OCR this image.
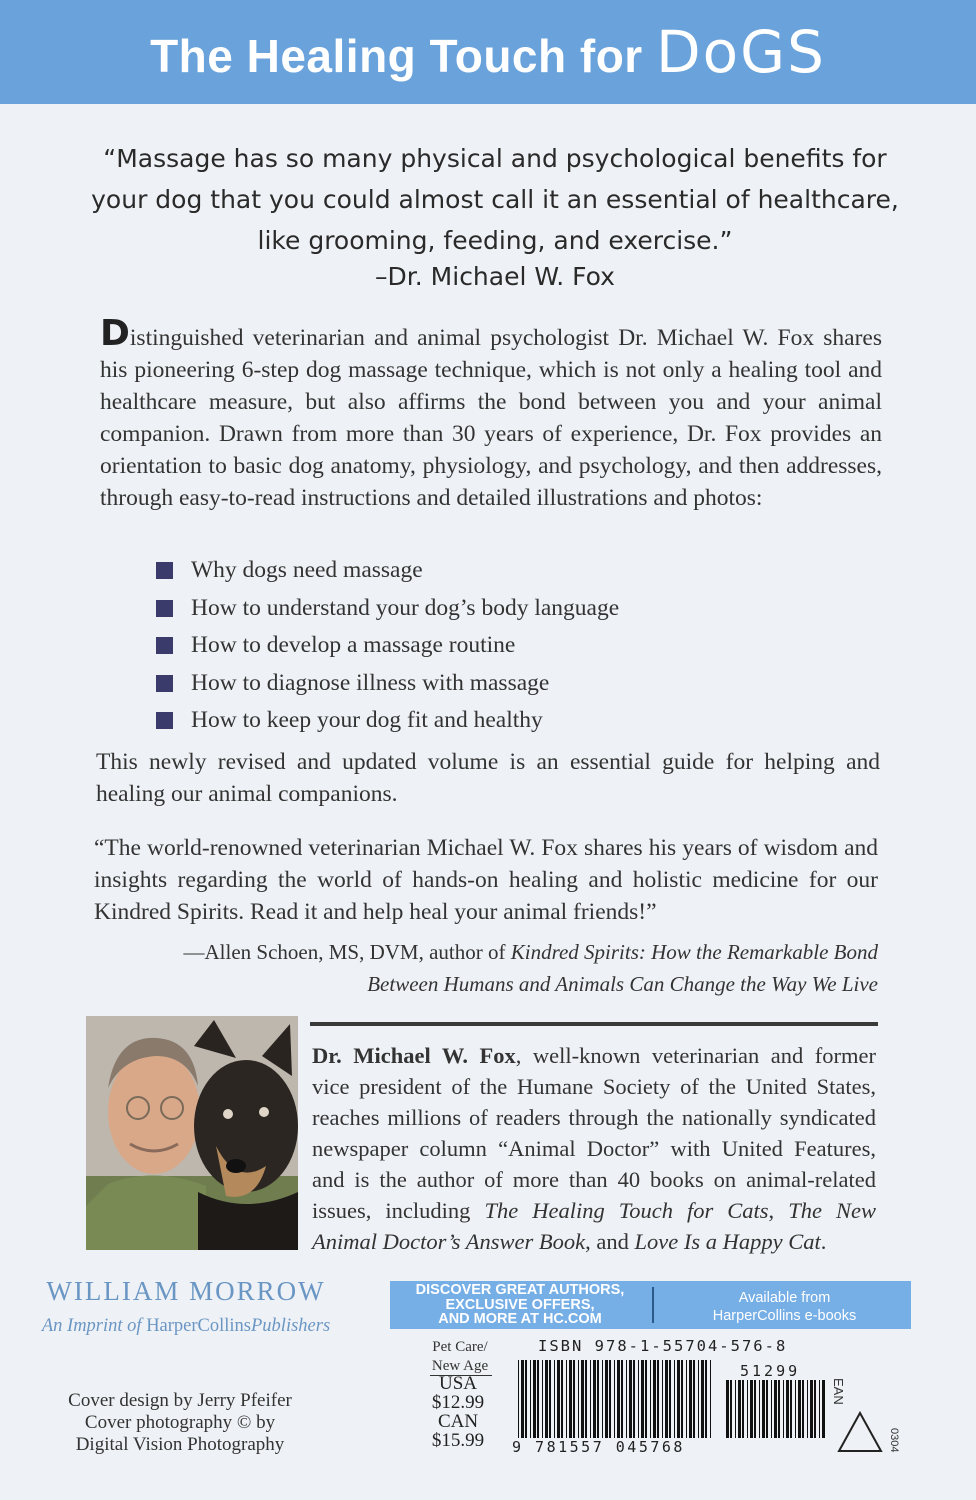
The Healing Touch for DoGS
“Massage has so many physical and psychological benefits for your dog that you could almost call it an essential of healthcare, like grooming, feeding, and exercise.”
–Dr. Michael W. Fox
Distinguished veterinarian and animal psychologist Dr. Michael W. Fox shares his pioneering 6-step dog massage technique, which is not only a healing tool and healthcare measure, but also affirms the bond between you and your animal companion. Drawn from more than 30 years of experience, Dr. Fox provides an orientation to basic dog anatomy, physiology, and psychology, and then addresses, through easy-to-read instructions and detailed illustrations and photos:
Why dogs need massage
How to understand your dog’s body language
How to develop a massage routine
How to diagnose illness with massage
How to keep your dog fit and healthy
This newly revised and updated volume is an essential guide for helping and healing our animal companions.
“The world-renowned veterinarian Michael W. Fox shares his years of wisdom and insights regarding the world of hands-on healing and holistic medicine for our Kindred Spirits. Read it and help heal your animal friends!”
—Allen Schoen, MS, DVM, author of Kindred Spirits: How the Remarkable Bond Between Humans and Animals Can Change the Way We Live
Dr. Michael W. Fox, well-known veterinarian and former vice president of the Humane Society of the United States, reaches millions of readers through the nationally syndicated newspaper column “Animal Doctor” with United Features, and is the author of more than 40 books on animal-related issues, including The Healing Touch for Cats, The New Animal Doctor’s Answer Book, and Love Is a Happy Cat.
WILLIAM MORROW
An Imprint of HarperCollinsPublishers
Cover design by Jerry Pfeifer
Cover photography © by
Digital Vision Photography
DISCOVER GREAT AUTHORS,
EXCLUSIVE OFFERS,
AND MORE AT HC.COM
Available from
HarperCollins e-books
Pet Care/
New Age
USA
$12.99
CAN
$15.99
ISBN 978-1-55704-576-8
9 781557 045768
51299
EAN
0304
